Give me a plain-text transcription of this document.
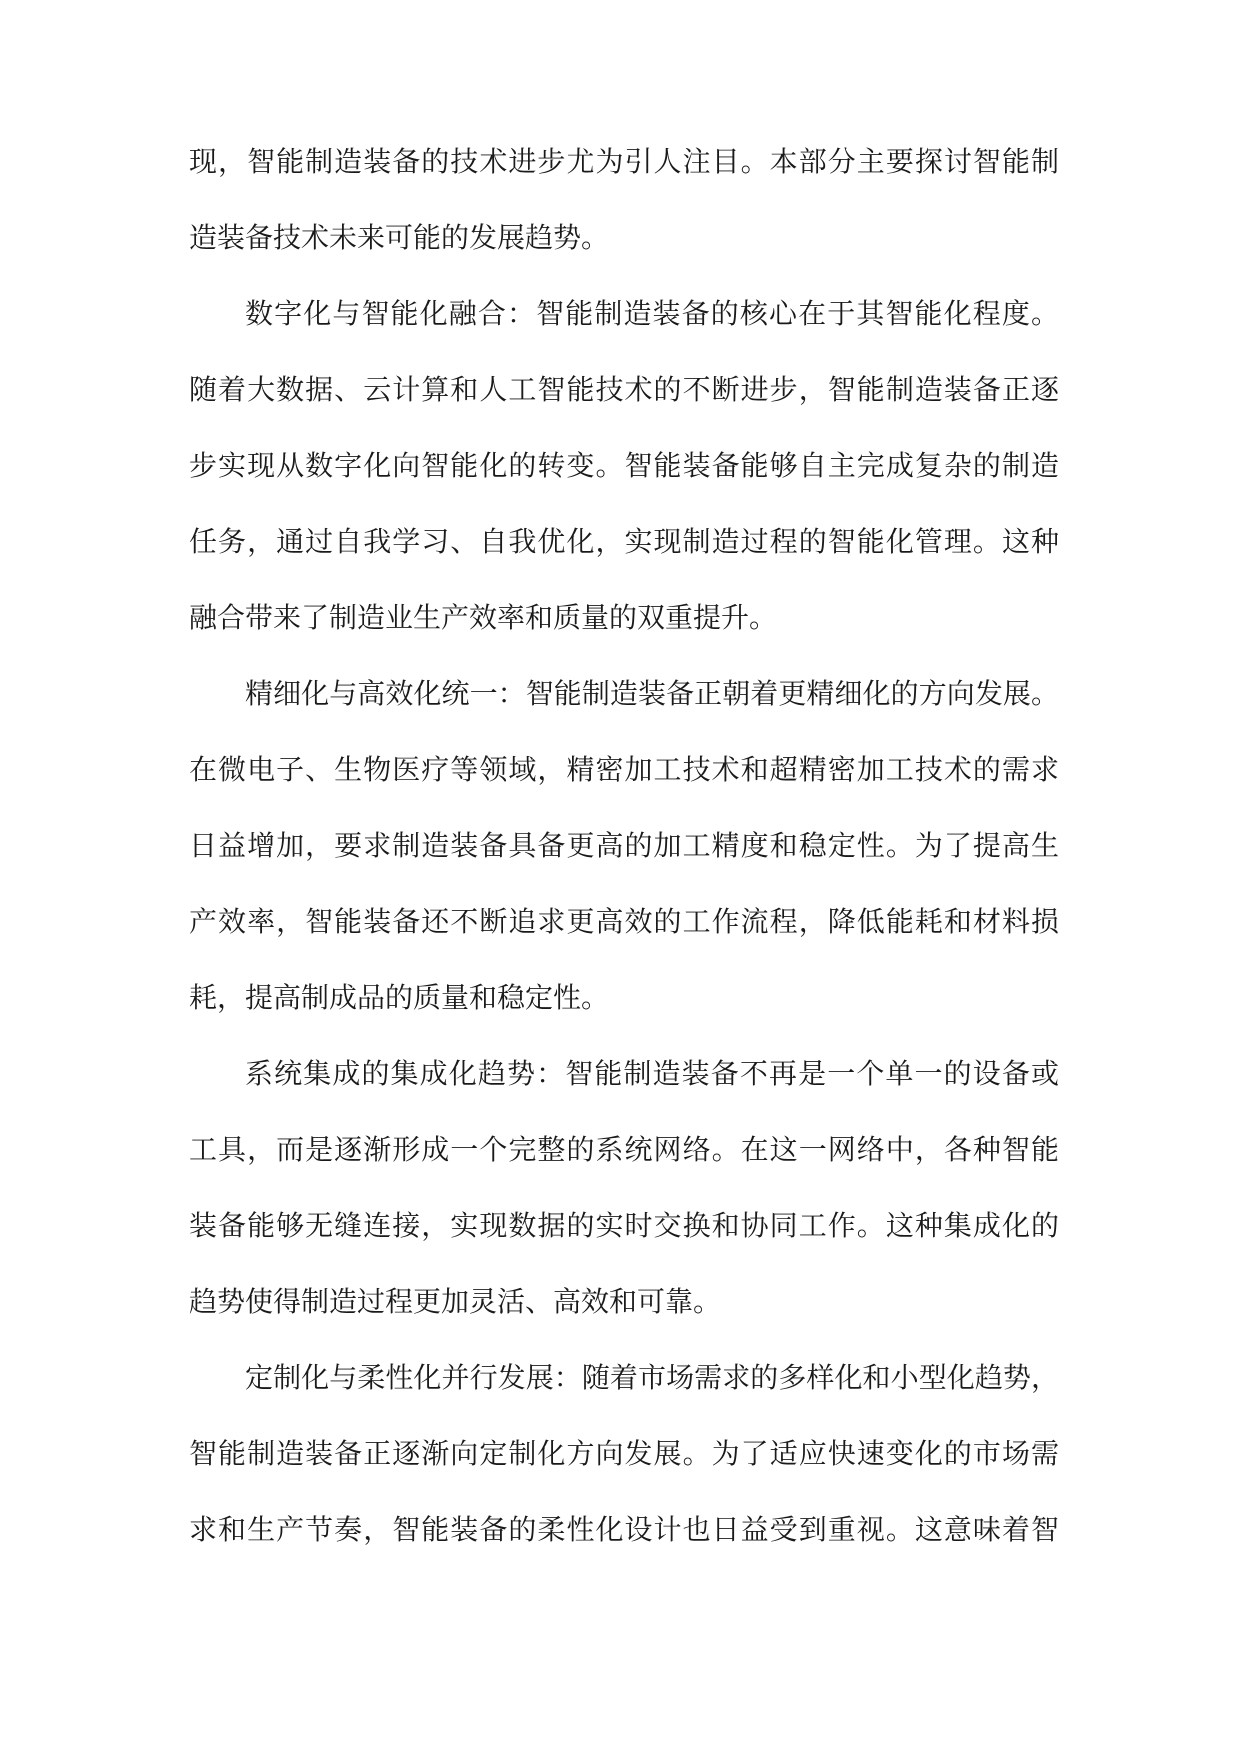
现，智能制造装备的技术进步尤为引人注目。本部分主要探讨智能制
造装备技术未来可能的发展趋势。
数字化与智能化融合：智能制造装备的核心在于其智能化程度。
随着大数据、云计算和人工智能技术的不断进步，智能制造装备正逐
步实现从数字化向智能化的转变。智能装备能够自主完成复杂的制造
任务，通过自我学习、自我优化，实现制造过程的智能化管理。这种
融合带来了制造业生产效率和质量的双重提升。
精细化与高效化统一：智能制造装备正朝着更精细化的方向发展。
在微电子、生物医疗等领域，精密加工技术和超精密加工技术的需求
日益增加，要求制造装备具备更高的加工精度和稳定性。为了提高生
产效率，智能装备还不断追求更高效的工作流程，降低能耗和材料损
耗，提高制成品的质量和稳定性。
系统集成的集成化趋势：智能制造装备不再是一个单一的设备或
工具，而是逐渐形成一个完整的系统网络。在这一网络中，各种智能
装备能够无缝连接，实现数据的实时交换和协同工作。这种集成化的
趋势使得制造过程更加灵活、高效和可靠。
定制化与柔性化并行发展：随着市场需求的多样化和小型化趋势，
智能制造装备正逐渐向定制化方向发展。为了适应快速变化的市场需
求和生产节奏，智能装备的柔性化设计也日益受到重视。这意味着智
